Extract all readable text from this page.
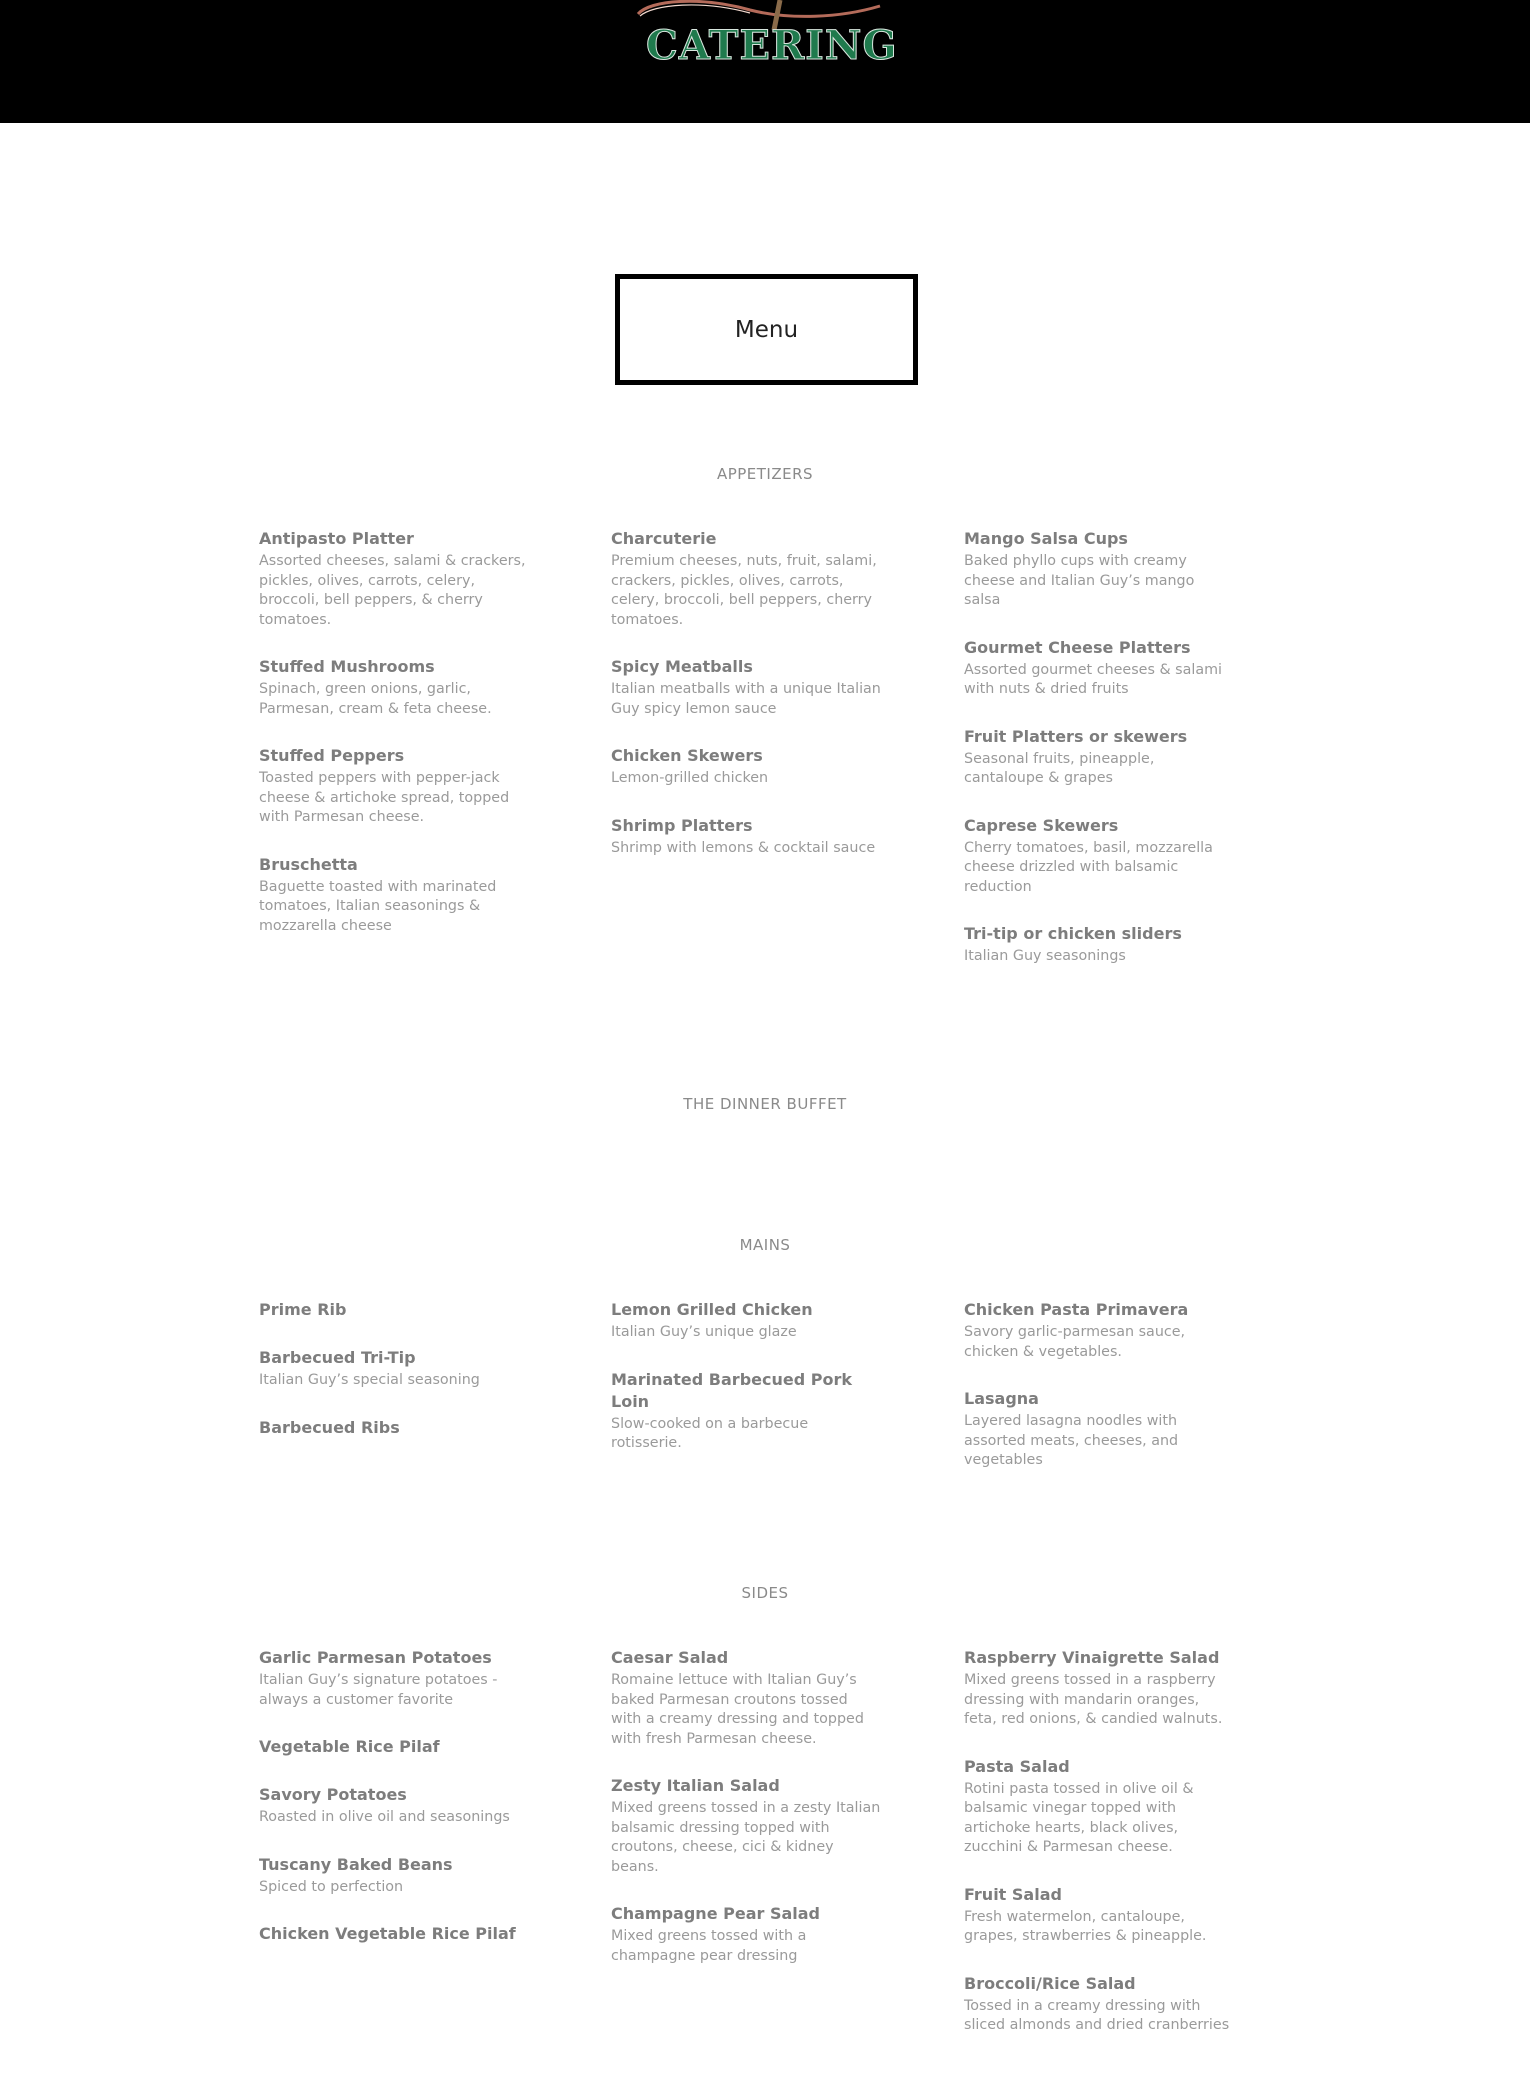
CATERING
Menu
APPETIZERS
Antipasto Platter
Assorted cheeses, salami & crackers, pickles, olives, carrots, celery, broccoli, bell peppers, & cherry tomatoes.
Stuffed Mushrooms
Spinach, green onions, garlic, Parmesan, cream & feta cheese.
Stuffed Peppers
Toasted peppers with pepper-jack cheese & artichoke spread, topped with Parmesan cheese.
Bruschetta
Baguette toasted with marinated tomatoes, Italian seasonings & mozzarella cheese
Charcuterie
Premium cheeses, nuts, fruit, salami, crackers, pickles, olives, carrots, celery, broccoli, bell peppers, cherry tomatoes.
Spicy Meatballs
Italian meatballs with a unique Italian Guy spicy lemon sauce
Chicken Skewers
Lemon-grilled chicken
Shrimp Platters
Shrimp with lemons & cocktail sauce
Mango Salsa Cups
Baked phyllo cups with creamy cheese and Italian Guy’s mango salsa
Gourmet Cheese Platters
Assorted gourmet cheeses & salami with nuts & dried fruits
Fruit Platters or skewers
Seasonal fruits, pineapple, cantaloupe & grapes
Caprese Skewers
Cherry tomatoes, basil, mozzarella cheese drizzled with balsamic reduction
Tri-tip or chicken sliders
Italian Guy seasonings
THE DINNER BUFFET
MAINS
Prime Rib
Barbecued Tri-Tip
Italian Guy’s special seasoning
Barbecued Ribs
Lemon Grilled Chicken
Italian Guy’s unique glaze
Marinated Barbecued Pork Loin
Slow-cooked on a barbecue rotisserie.
Chicken Pasta Primavera
Savory garlic-parmesan sauce, chicken & vegetables.
Lasagna
Layered lasagna noodles with assorted meats, cheeses, and vegetables
SIDES
Garlic Parmesan Potatoes
Italian Guy’s signature potatoes - always a customer favorite
Vegetable Rice Pilaf
Savory Potatoes
Roasted in olive oil and seasonings
Tuscany Baked Beans
Spiced to perfection
Chicken Vegetable Rice Pilaf
Caesar Salad
Romaine lettuce with Italian Guy’s baked Parmesan croutons tossed with a creamy dressing and topped with fresh Parmesan cheese.
Zesty Italian Salad
Mixed greens tossed in a zesty Italian balsamic dressing topped with croutons, cheese, cici & kidney beans.
Champagne Pear Salad
Mixed greens tossed with a champagne pear dressing
Raspberry Vinaigrette Salad
Mixed greens tossed in a raspberry dressing with mandarin oranges, feta, red onions, & candied walnuts.
Pasta Salad
Rotini pasta tossed in olive oil & balsamic vinegar topped with artichoke hearts, black olives, zucchini & Parmesan cheese.
Fruit Salad
Fresh watermelon, cantaloupe, grapes, strawberries & pineapple.
Broccoli/Rice Salad
Tossed in a creamy dressing with sliced almonds and dried cranberries
